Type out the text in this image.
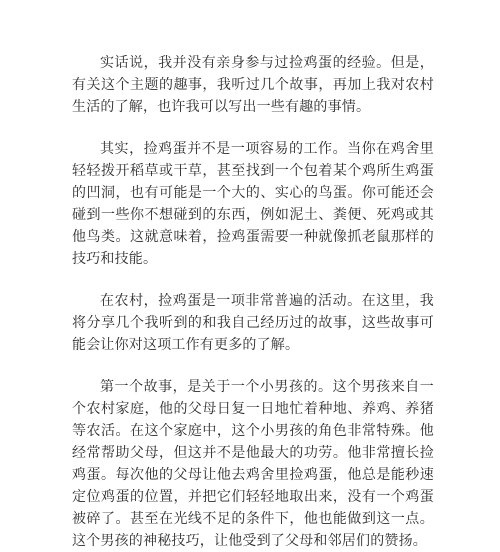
实话说，我并没有亲身参与过捡鸡蛋的经验。但是，有关这个主题的趣事，我听过几个故事，再加上我对农村生活的了解，也许我可以写出一些有趣的事情。

其实，捡鸡蛋并不是一项容易的工作。当你在鸡舍里轻轻拨开稻草或干草，甚至找到一个包着某个鸡所生鸡蛋的凹洞，也有可能是一个大的、实心的鸟蛋。你可能还会碰到一些你不想碰到的东西，例如泥土、粪便、死鸡或其他鸟类。这就意味着，捡鸡蛋需要一种就像抓老鼠那样的技巧和技能。

在农村，捡鸡蛋是一项非常普遍的活动。在这里，我将分享几个我听到的和我自己经历过的故事，这些故事可能会让你对这项工作有更多的了解。

第一个故事，是关于一个小男孩的。这个男孩来自一个农村家庭，他的父母日复一日地忙着种地、养鸡、养猪等农活。在这个家庭中，这个小男孩的角色非常特殊。他经常帮助父母，但这并不是他最大的功劳。他非常擅长捡鸡蛋。每次他的父母让他去鸡舍里捡鸡蛋，他总是能秒速定位鸡蛋的位置，并把它们轻轻地取出来，没有一个鸡蛋被碎了。甚至在光线不足的条件下，他也能做到这一点。这个男孩的神秘技巧，让他受到了父母和邻居们的赞扬。
